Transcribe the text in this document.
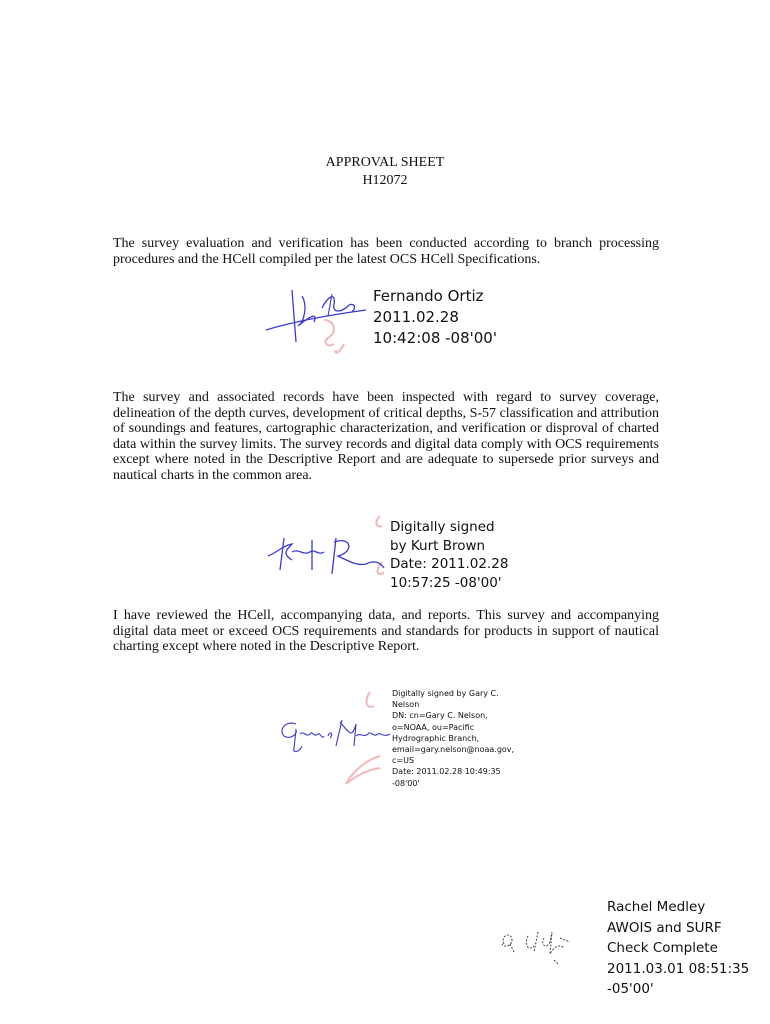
APPROVAL SHEET
H12072
The survey evaluation and verification has been conducted according to branch processing procedures and the HCell compiled per the latest OCS HCell Specifications.
Fernando Ortiz
2011.02.28
10:42:08 -08'00'
The survey and associated records have been inspected with regard to survey coverage, delineation of the depth curves, development of critical depths, S-57 classification and attribution of soundings and features, cartographic characterization, and verification or disproval of charted data within the survey limits. The survey records and digital data comply with OCS requirements except where noted in the Descriptive Report and are adequate to supersede prior surveys and nautical charts in the common area.
Digitally signed
by Kurt Brown
Date: 2011.02.28
10:57:25 -08'00'
I have reviewed the HCell, accompanying data, and reports. This survey and accompanying digital data meet or exceed OCS requirements and standards for products in support of nautical charting except where noted in the Descriptive Report.
Digitally signed by Gary C.
Nelson
DN: cn=Gary C. Nelson,
o=NOAA, ou=Pacific
Hydrographic Branch,
email=gary.nelson@noaa.gov,
c=US
Date: 2011.02.28 10:49:35
-08'00'
Rachel Medley
AWOIS and SURF
Check Complete
2011.03.01 08:51:35
-05'00'
